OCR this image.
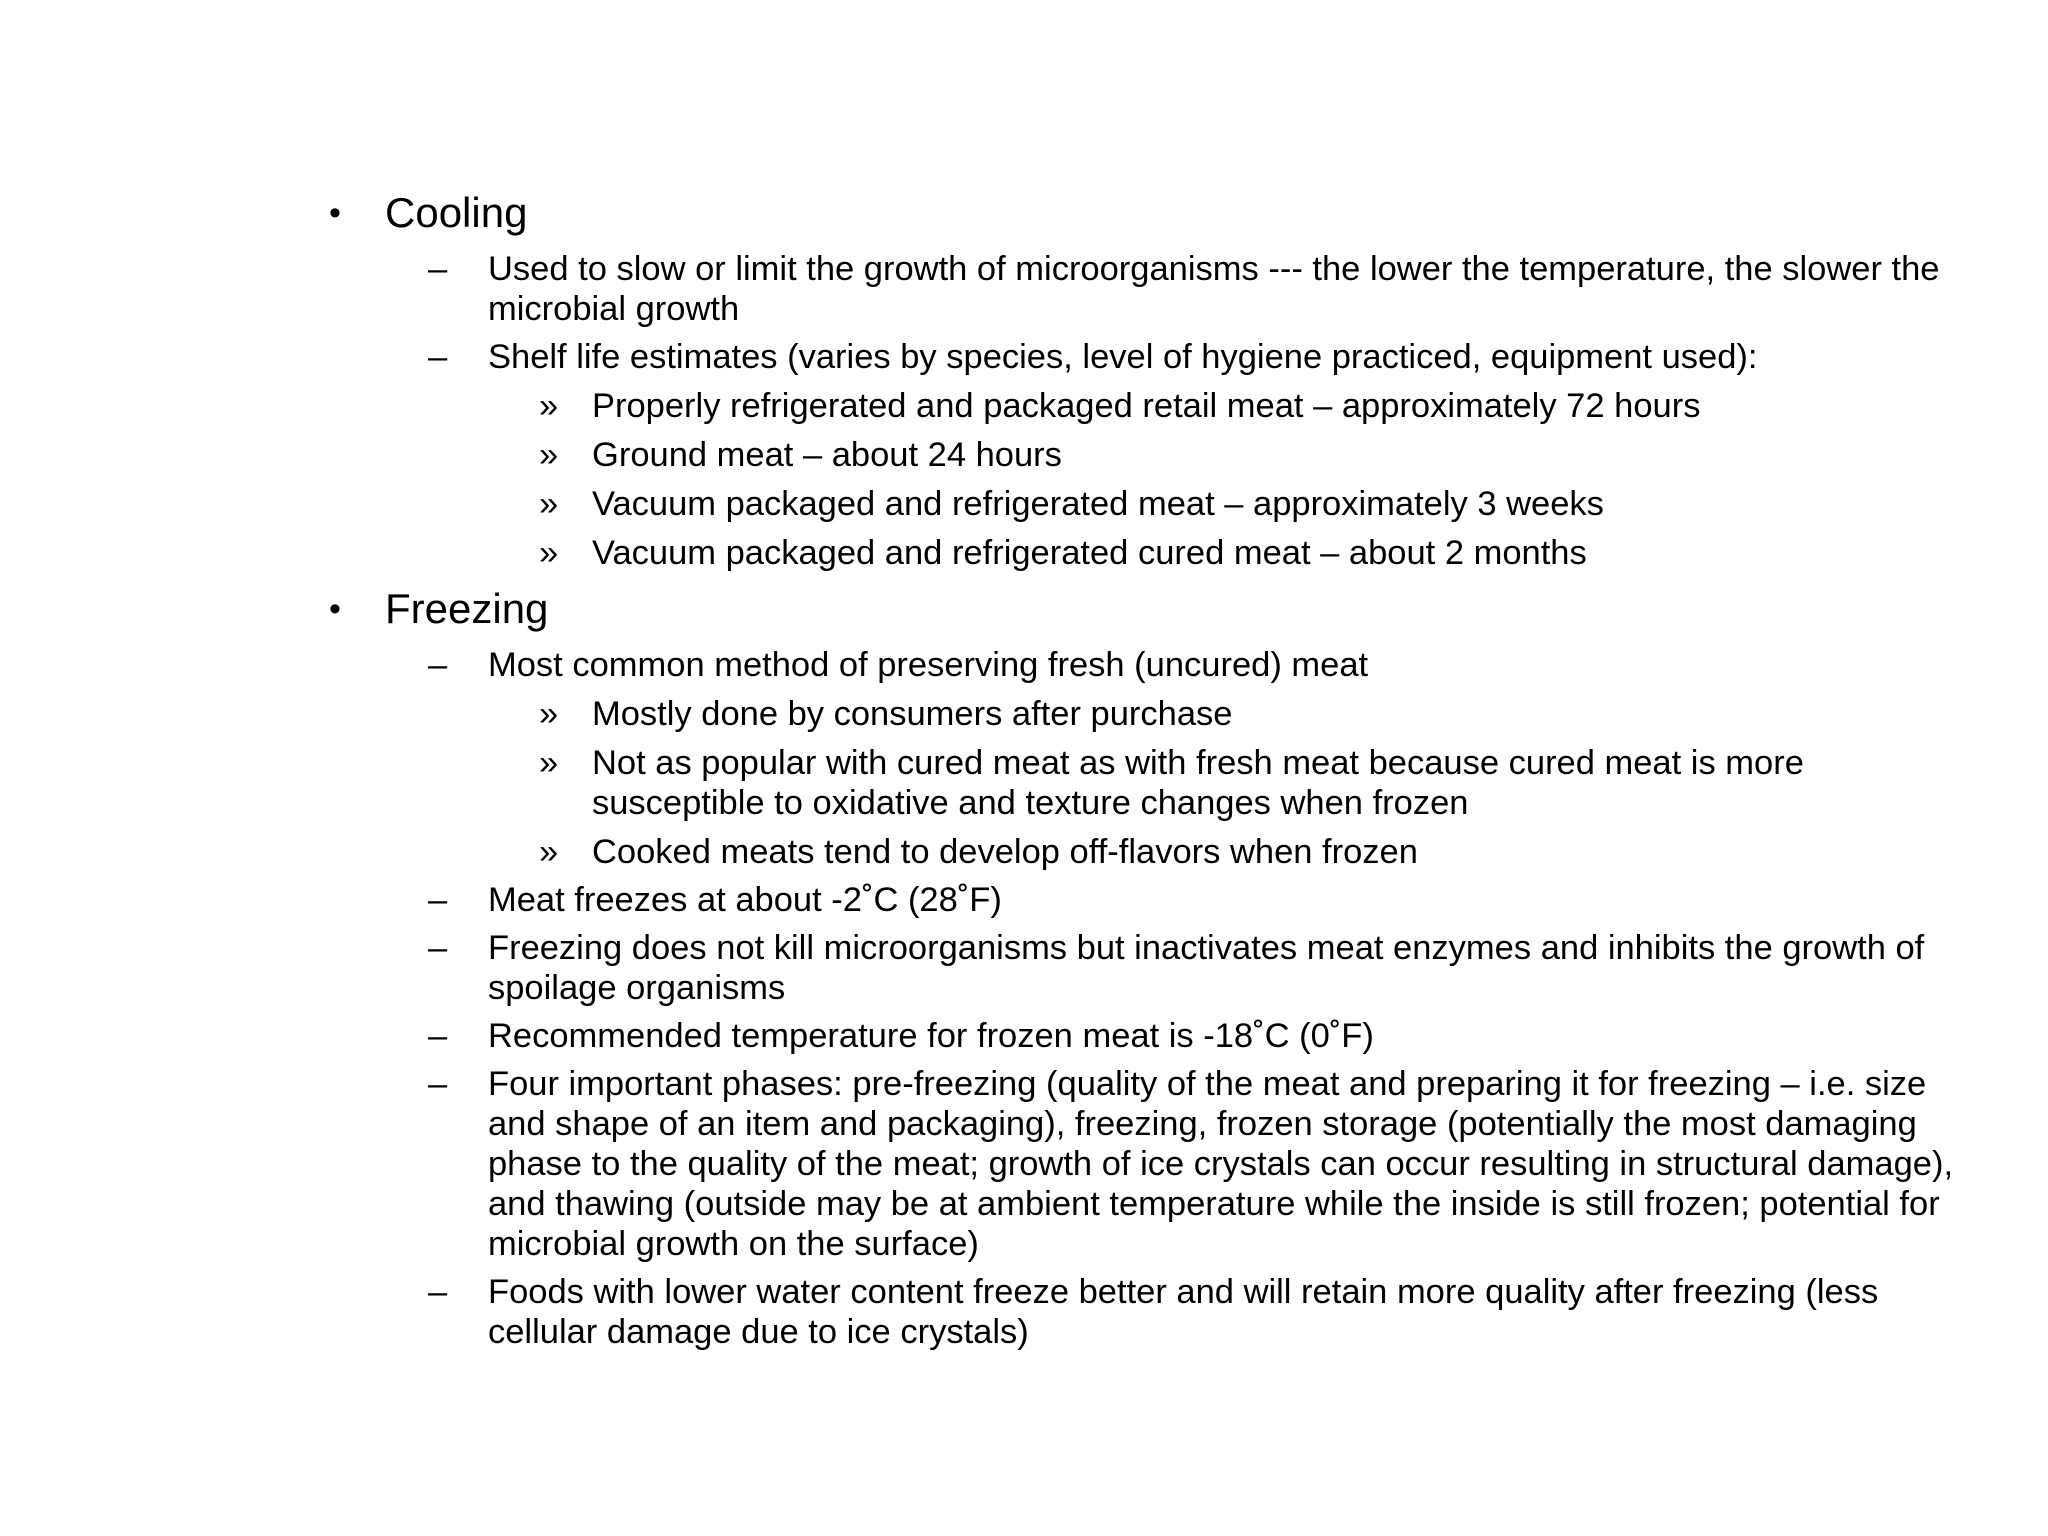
• Cooling
– Used to slow or limit the growth of microorganisms --- the lower the temperature, the slower the microbial growth
– Shelf life estimates (varies by species, level of hygiene practiced, equipment used):
» Properly refrigerated and packaged retail meat – approximately 72 hours
» Ground meat – about 24 hours
» Vacuum packaged and refrigerated meat – approximately 3 weeks
» Vacuum packaged and refrigerated cured meat – about 2 months
• Freezing
– Most common method of preserving fresh (uncured) meat
» Mostly done by consumers after purchase
» Not as popular with cured meat as with fresh meat because cured meat is more susceptible to oxidative and texture changes when frozen
» Cooked meats tend to develop off-flavors when frozen
– Meat freezes at about -2˚C (28˚F)
– Freezing does not kill microorganisms but inactivates meat enzymes and inhibits the growth of spoilage organisms
– Recommended temperature for frozen meat is -18˚C (0˚F)
– Four important phases: pre-freezing (quality of the meat and preparing it for freezing – i.e. size and shape of an item and packaging), freezing, frozen storage (potentially the most damaging phase to the quality of the meat; growth of ice crystals can occur resulting in structural damage), and thawing (outside may be at ambient temperature while the inside is still frozen; potential for microbial growth on the surface)
– Foods with lower water content freeze better and will retain more quality after freezing (less cellular damage due to ice crystals)
